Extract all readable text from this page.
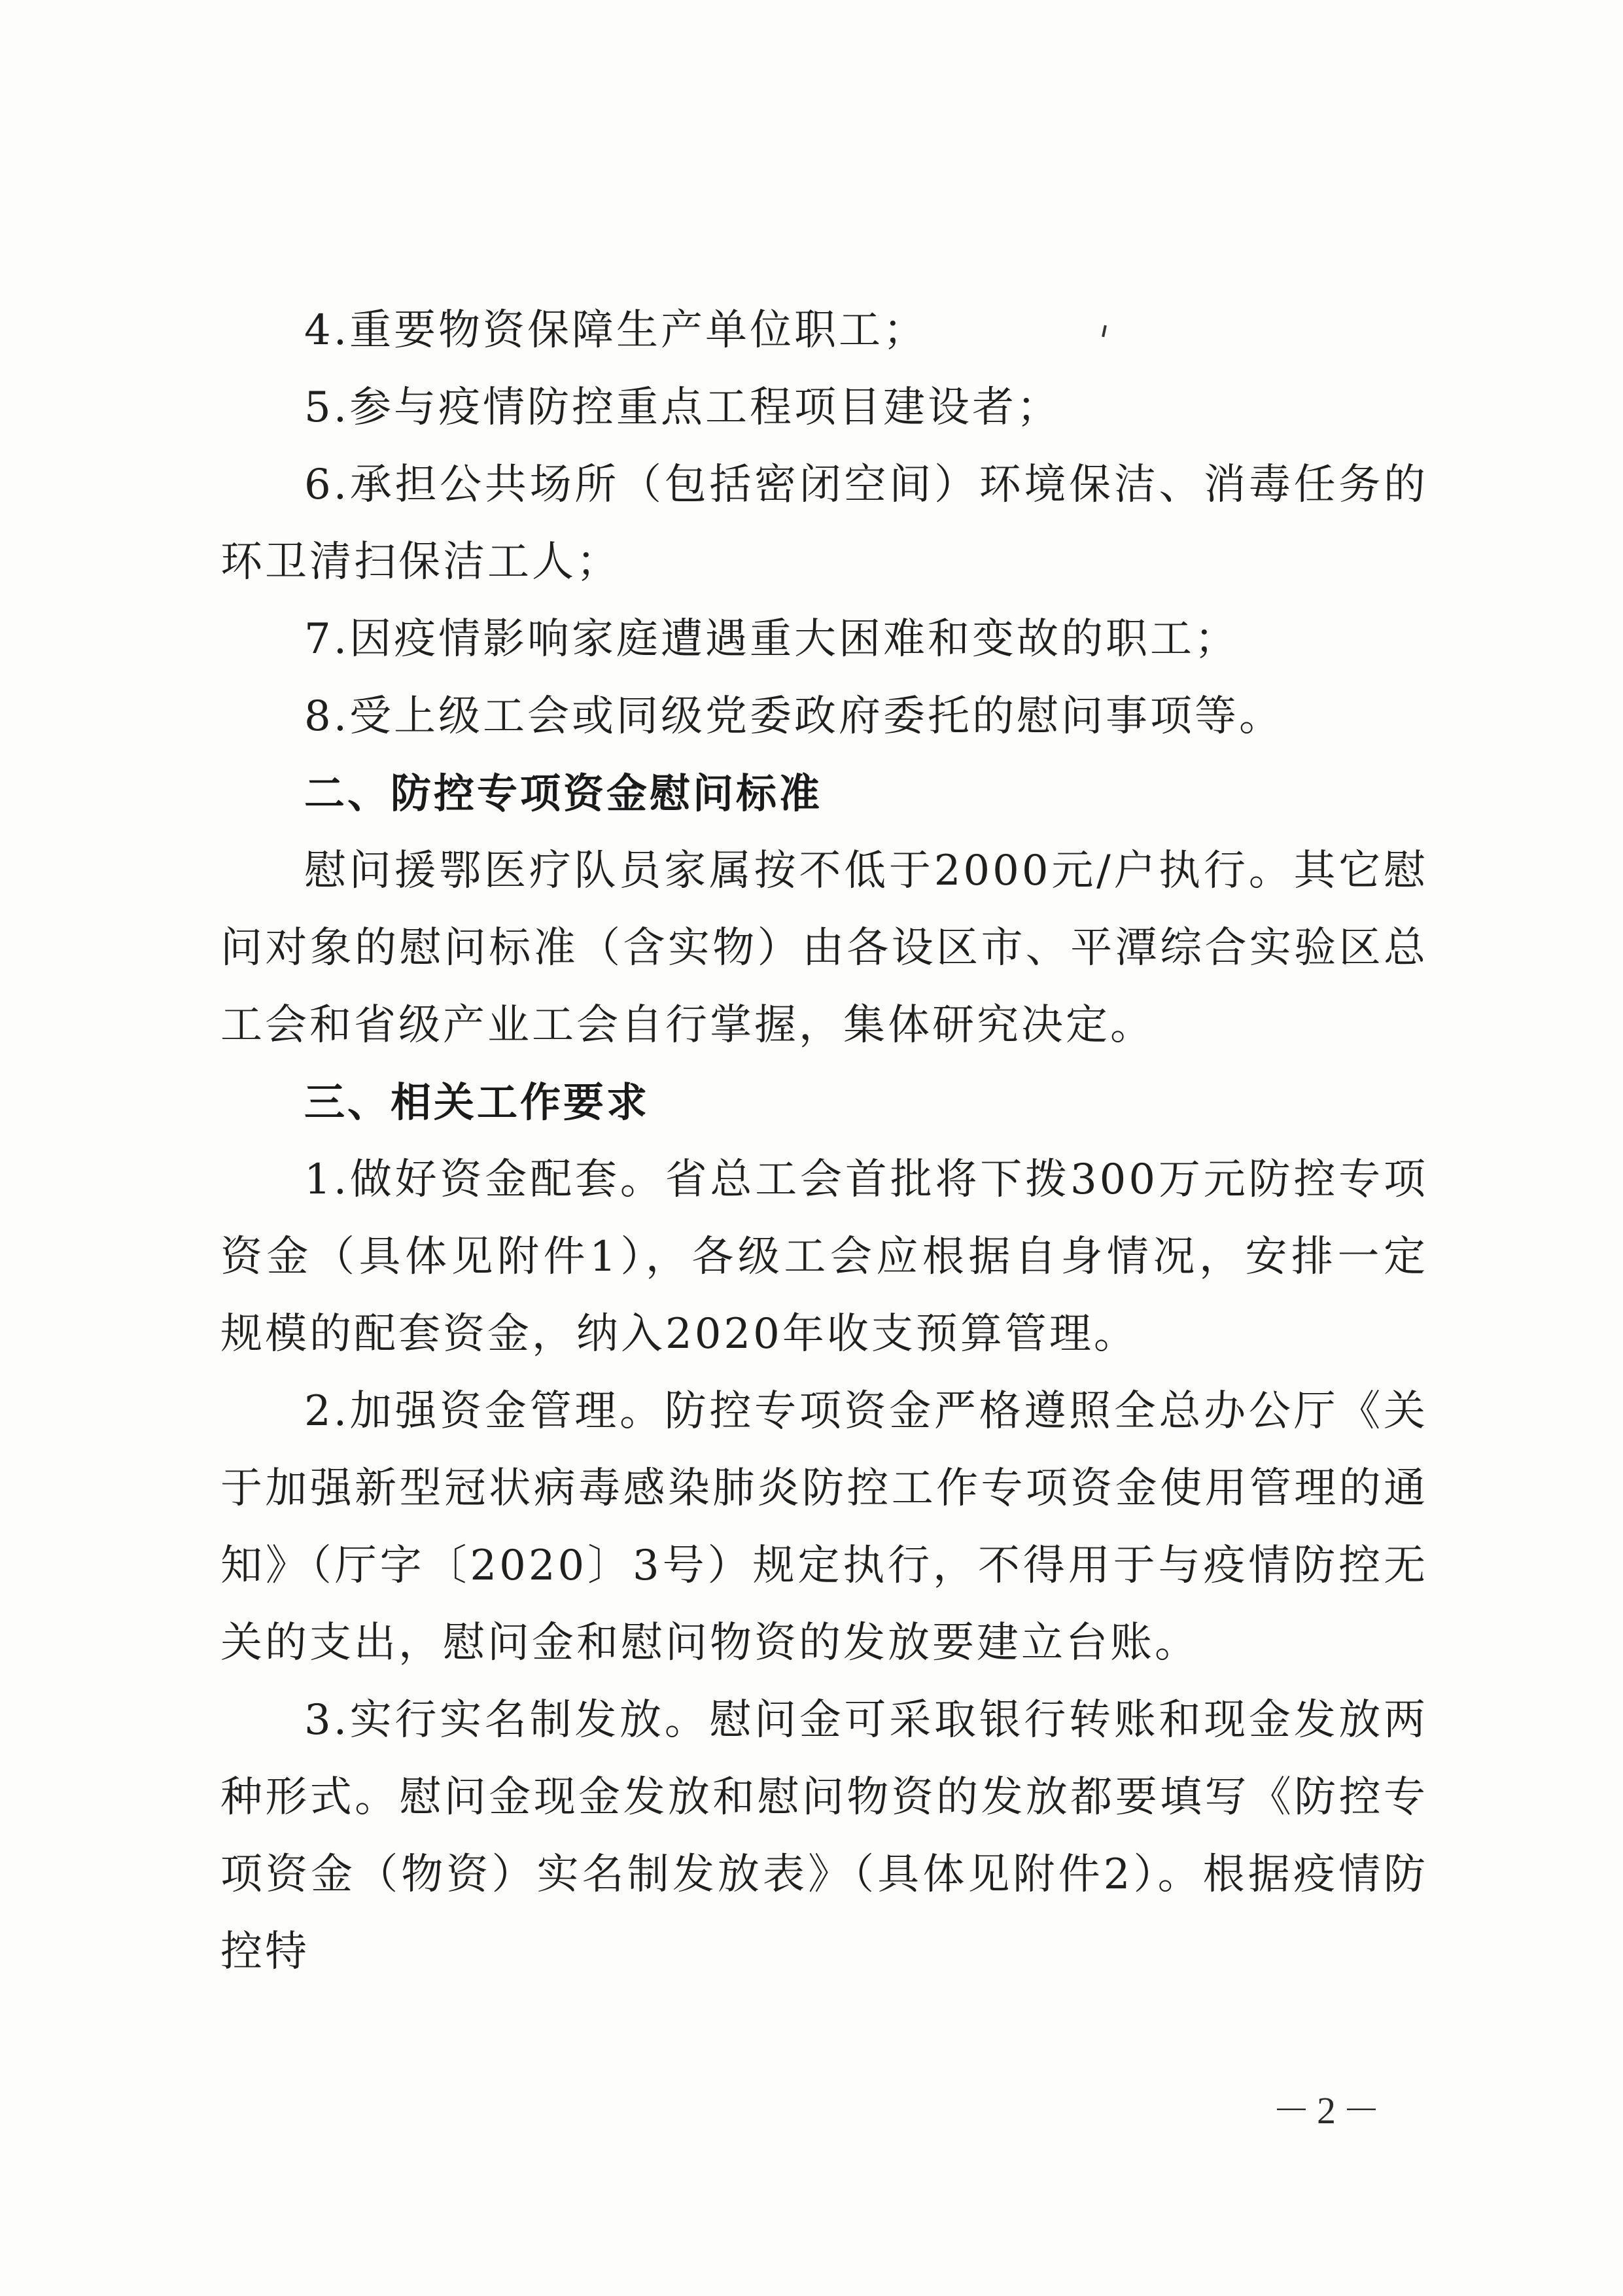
4.重要物资保障生产单位职工；

5.参与疫情防控重点工程项目建设者；

6.承担公共场所（包括密闭空间）环境保洁、消毒任务的环卫清扫保洁工人；

7.因疫情影响家庭遭遇重大困难和变故的职工；

8.受上级工会或同级党委政府委托的慰问事项等。

二、防控专项资金慰问标准

慰问援鄂医疗队员家属按不低于2000元/户执行。其它慰问对象的慰问标准（含实物）由各设区市、平潭综合实验区总工会和省级产业工会自行掌握，集体研究决定。

三、相关工作要求

1.做好资金配套。省总工会首批将下拨300万元防控专项资金（具体见附件1），各级工会应根据自身情况，安排一定规模的配套资金，纳入2020年收支预算管理。

2.加强资金管理。防控专项资金严格遵照全总办公厅《关于加强新型冠状病毒感染肺炎防控工作专项资金使用管理的通知》（厅字〔2020〕3号）规定执行，不得用于与疫情防控无关的支出，慰问金和慰问物资的发放要建立台账。

3.实行实名制发放。慰问金可采取银行转账和现金发放两种形式。慰问金现金发放和慰问物资的发放都要填写《防控专项资金（物资）实名制发放表》（具体见附件2）。根据疫情防控特

－2－
